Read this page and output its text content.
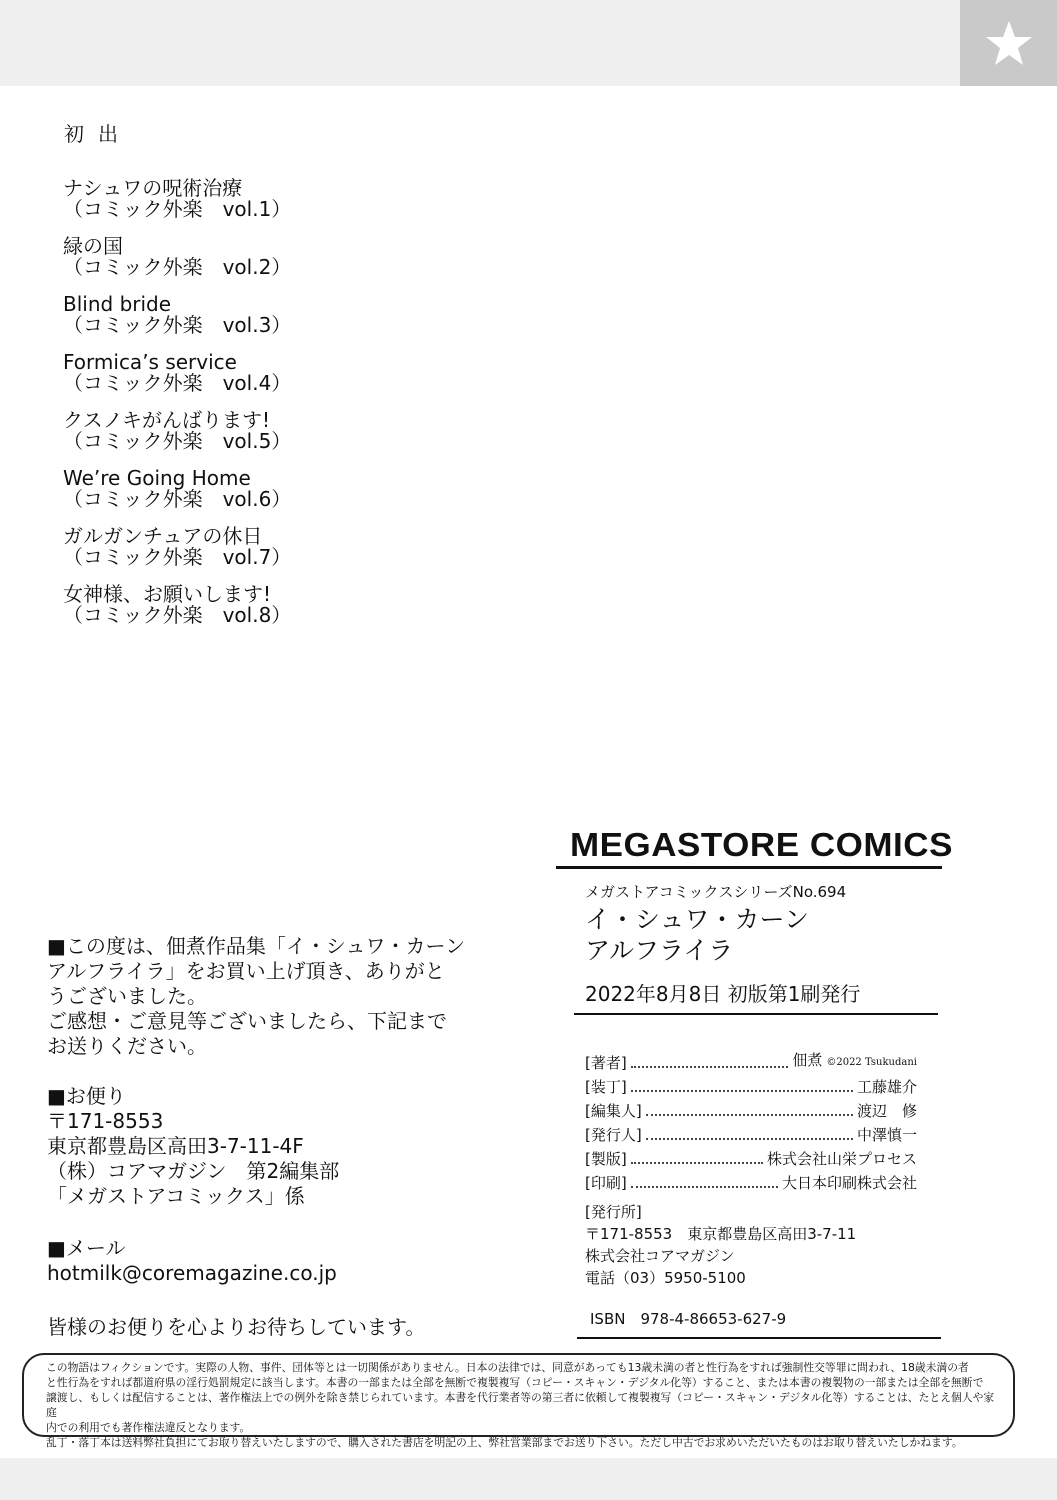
初出
ナシュワの呪術治療
（コミック外楽　vol.1）
緑の国
（コミック外楽　vol.2）
Blind bride
（コミック外楽　vol.3）
Formica’s service
（コミック外楽　vol.4）
クスノキがんばります!
（コミック外楽　vol.5）
We’re Going Home
（コミック外楽　vol.6）
ガルガンチュアの休日
（コミック外楽　vol.7）
女神様、お願いします!
（コミック外楽　vol.8）
MEGASTORE COMICS
メガストアコミックスシリーズNo.694
イ・シュワ・カーン
アルフライラ
2022年8月8日 初版第1刷発行
[著者]	佃煮 ©2022 Tsukudani
[装丁]	工藤雄介
[編集人]	渡辺　修
[発行人]	中澤慎一
[製版]	株式会社山栄プロセス
[印刷]	大日本印刷株式会社
[発行所]
〒171-8553　東京都豊島区高田3-7-11
株式会社コアマガジン
電話（03）5950-5100
ISBN　978-4-86653-627-9

■この度は、佃煮作品集「イ・シュワ・カーン

アルフライラ」をお買い上げ頂き、ありがと

うございました。

ご感想・ご意見等ございましたら、下記まで

お送りください。

■お便り

〒171-8553

東京都豊島区高田3-7-11-4F

（株）コアマガジン　第2編集部

「メガストアコミックス」係

■メール

hotmilk@coremagazine.co.jp

皆様のお便りを心よりお待ちしています。
この物語はフィクションです。実際の人物、事件、団体等とは一切関係がありません。日本の法律では、同意があっても13歳未満の者と性行為をすれば強制性交等罪に問われ、18歳未満の者
と性行為をすれば都道府県の淫行処罰規定に該当します。本書の一部または全部を無断で複製複写（コピー・スキャン・デジタル化等）すること、または本書の複製物の一部または全部を無断で
譲渡し、もしくは配信することは、著作権法上での例外を除き禁じられています。本書を代行業者等の第三者に依頼して複製複写（コピー・スキャン・デジタル化等）することは、たとえ個人や家庭
内での利用でも著作権法違反となります。
乱丁・落丁本は送料弊社負担にてお取り替えいたしますので、購入された書店を明記の上、弊社営業部までお送り下さい。ただし中古でお求めいただいたものはお取り替えいたしかねます。
